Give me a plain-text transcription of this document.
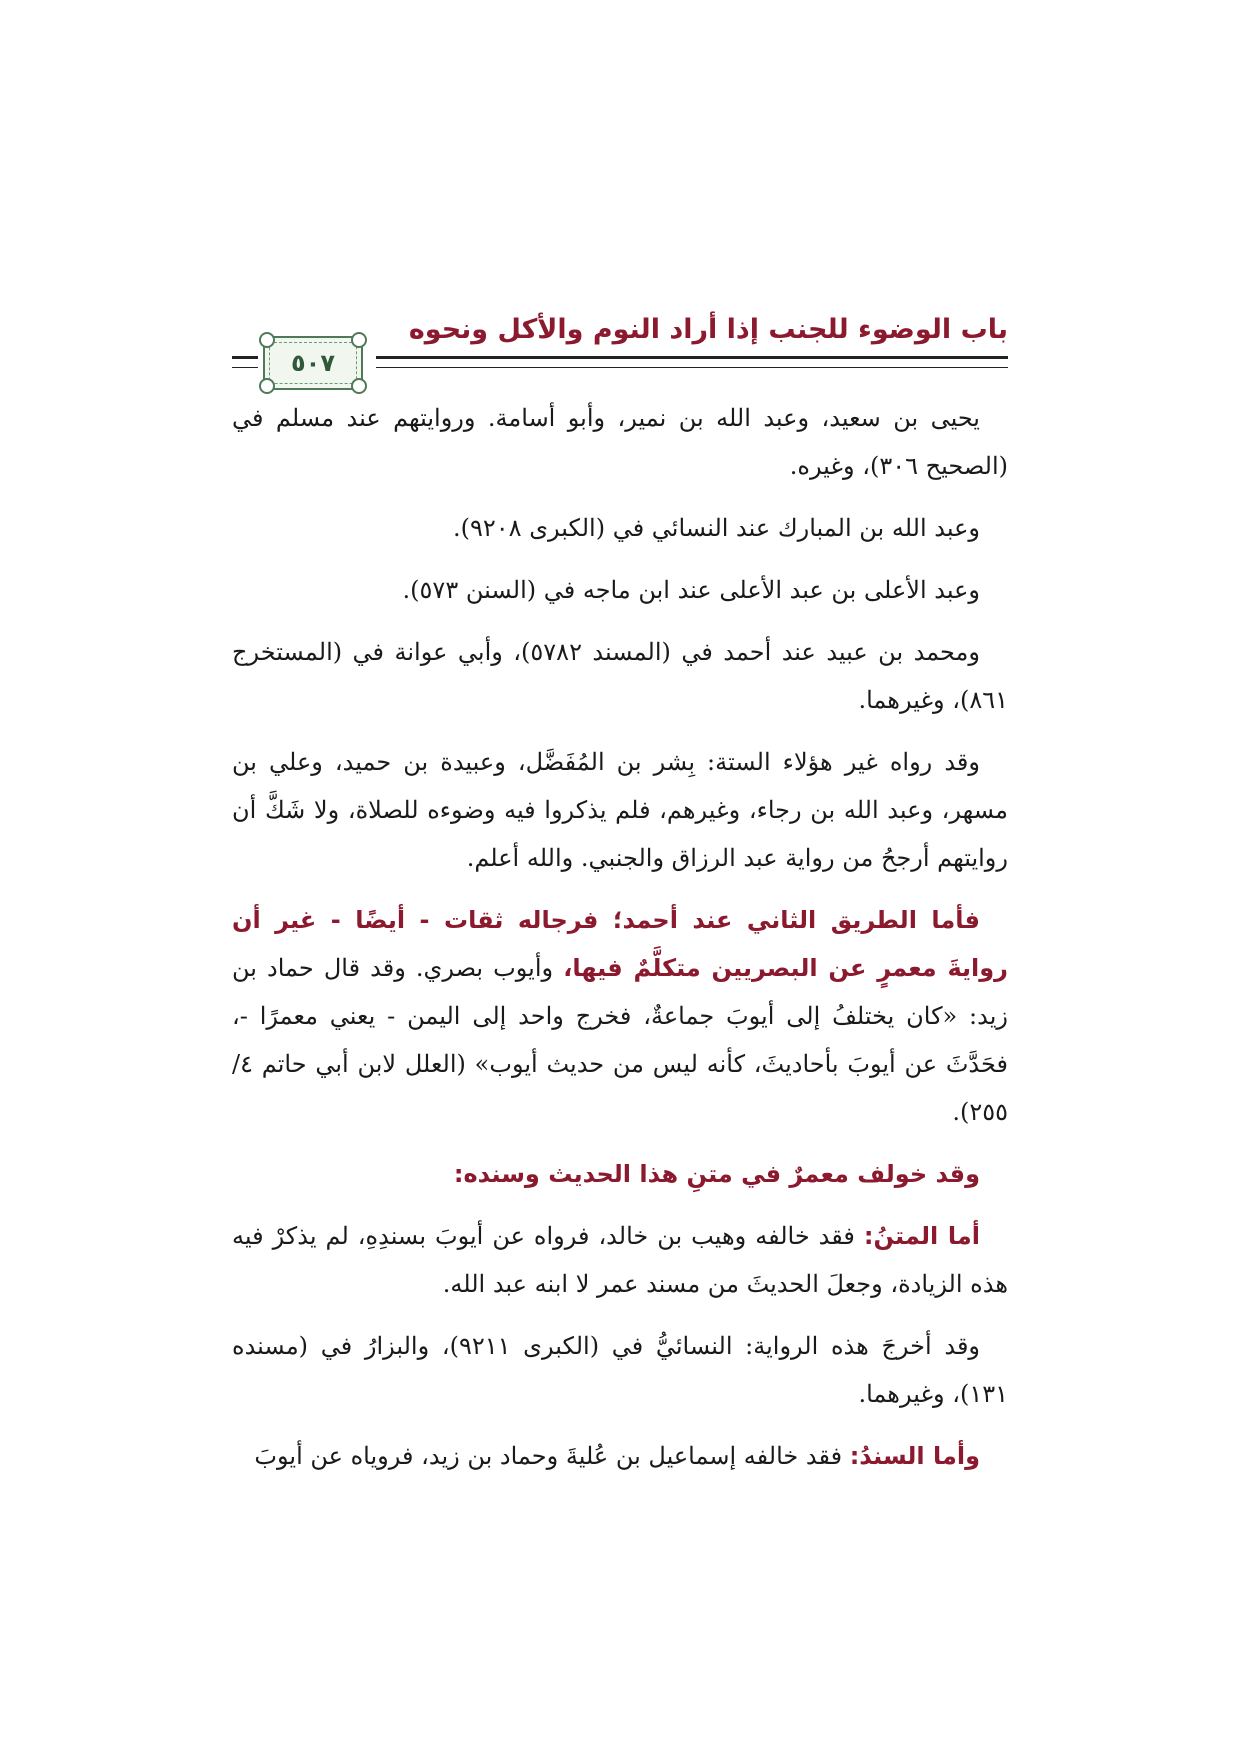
باب الوضوء للجنب إذا أراد النوم والأكل ونحوه
٥٠٧

يحيى بن سعيد، وعبد الله بن نمير، وأبو أسامة. وروايتهم عند مسلم في (الصحيح ٣٠٦)، وغيره.

وعبد الله بن المبارك عند النسائي في (الكبرى ٩٢٠٨).

وعبد الأعلى بن عبد الأعلى عند ابن ماجه في (السنن ٥٧٣).

ومحمد بن عبيد عند أحمد في (المسند ٥٧٨٢)، وأبي عوانة في (المستخرج ٨٦١)، وغيرهما.

وقد رواه غير هؤلاء الستة: بِشر بن المُفَضَّل، وعبيدة بن حميد، وعلي بن مسهر، وعبد الله بن رجاء، وغيرهم، فلم يذكروا فيه وضوءه للصلاة، ولا شَكَّ أن روايتهم أرجحُ من رواية عبد الرزاق والجنبي. والله أعلم.

فأما الطريق الثاني عند أحمد؛ فرجاله ثقات - أيضًا - غير أن روايةَ معمرٍ عن البصريين متكلَّمٌ فيها، وأيوب بصري. وقد قال حماد بن زيد: «كان يختلفُ إلى أيوبَ جماعةٌ، فخرج واحد إلى اليمن - يعني معمرًا -، فحَدَّثَ عن أيوبَ بأحاديثَ، كأنه ليس من حديث أيوب» (العلل لابن أبي حاتم ٤/ ٢٥٥).

وقد خولف معمرٌ في متنِ هذا الحديث وسنده:

أما المتنُ: فقد خالفه وهيب بن خالد، فرواه عن أيوبَ بسندِهِ، لم يذكرْ فيه هذه الزيادة، وجعلَ الحديثَ من مسند عمر لا ابنه عبد الله.

وقد أخرجَ هذه الرواية: النسائيُّ في (الكبرى ٩٢١١)، والبزارُ في (مسنده ١٣١)، وغيرهما.

وأما السندُ: فقد خالفه إسماعيل بن عُليةَ وحماد بن زيد، فروياه عن أيوبَ
